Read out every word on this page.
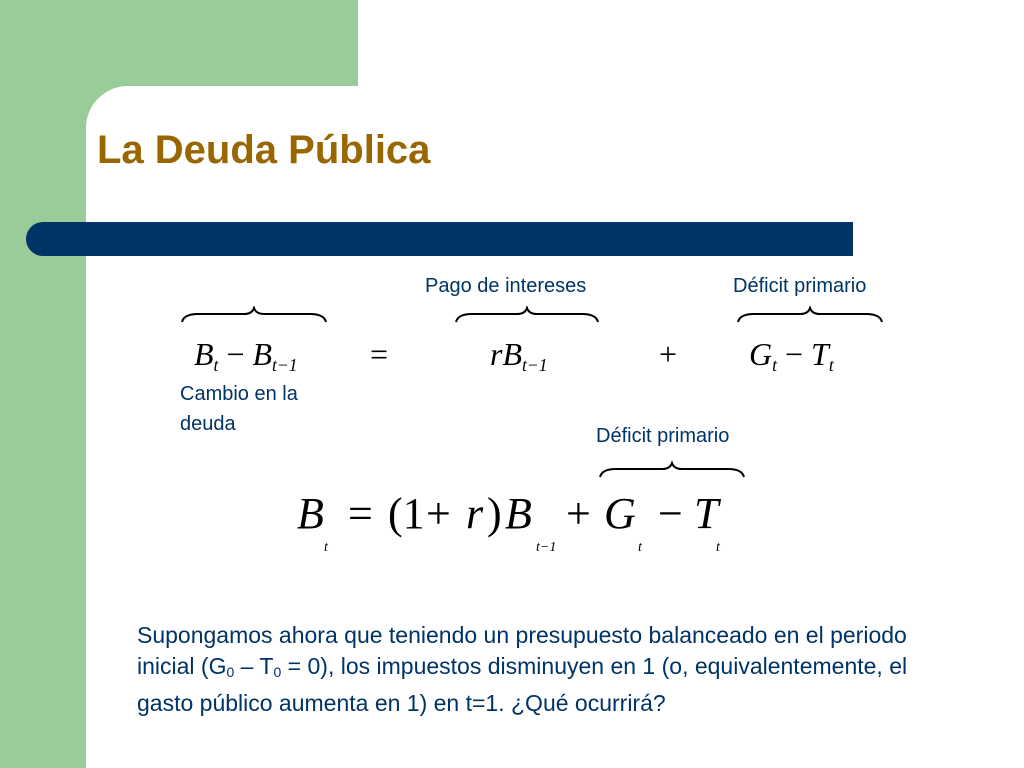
La Deuda Pública
Pago de intereses	Déficit primario
$B_t - B_{t-1}$ =	$rB_{t-1}$	+ $G_t - T_t$
Cambio en la
deuda
Déficit primario
B = (1 + r ) B + G − T
t	t−1	t	t
Supongamos ahora que teniendo un presupuesto balanceado en el periodo inicial $(G_0 - T_0 = 0)$, los impuestos disminuyen en 1 (o, equivalentemente, el gasto público aumenta en 1) en t=1. ¿Qué ocurrirá?
